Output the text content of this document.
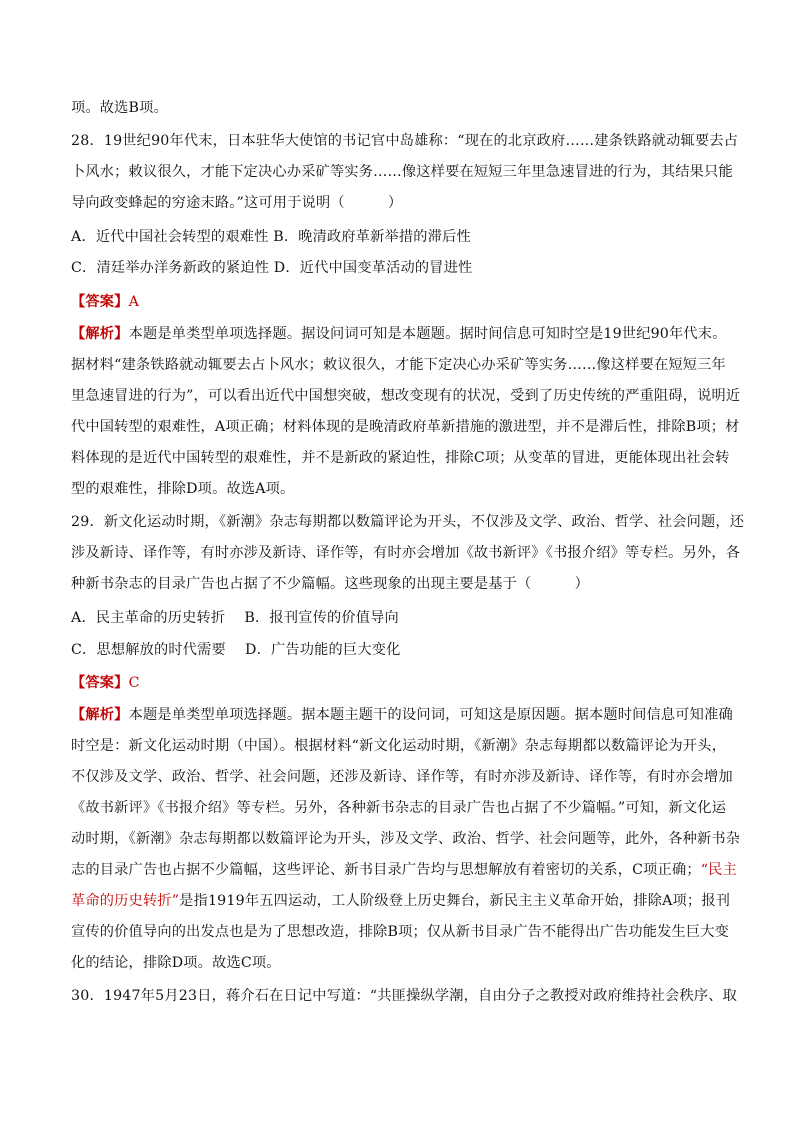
项。故选B项。
28．19世纪90年代末，日本驻华大使馆的书记官中岛雄称：“现在的北京政府……建条铁路就动辄要去占
卜风水；敕议很久，才能下定决心办采矿等实务……像这样要在短短三年里急速冒进的行为，其结果只能
导向政变蜂起的穷途末路。”这可用于说明（　　　）
A．近代中国社会转型的艰难性 B．晚清政府革新举措的滞后性
C．清廷举办洋务新政的紧迫性 D．近代中国变革活动的冒进性
【答案】A
【解析】本题是单类型单项选择题。据设问词可知是本题题。据时间信息可知时空是19世纪90年代末。
据材料“建条铁路就动辄要去占卜风水；敕议很久，才能下定决心办采矿等实务……像这样要在短短三年
里急速冒进的行为”，可以看出近代中国想突破，想改变现有的状况，受到了历史传统的严重阻碍，说明近
代中国转型的艰难性，A项正确；材料体现的是晚清政府革新措施的激进型，并不是滞后性，排除B项；材
料体现的是近代中国转型的艰难性，并不是新政的紧迫性，排除C项；从变革的冒进，更能体现出社会转
型的艰难性，排除D项。故选A项。
29．新文化运动时期，《新潮》杂志每期都以数篇评论为开头，不仅涉及文学、政治、哲学、社会问题，还
涉及新诗、译作等，有时亦涉及新诗、译作等，有时亦会增加《故书新评》《书报介绍》等专栏。另外，各
种新书杂志的目录广告也占据了不少篇幅。这些现象的出现主要是基于（　　　）
A．民主革命的历史转折　 B．报刊宣传的价值导向
C．思想解放的时代需要　 D．广告功能的巨大变化
【答案】C
【解析】本题是单类型单项选择题。据本题主题干的设问词，可知这是原因题。据本题时间信息可知准确
时空是：新文化运动时期（中国）。根据材料“新文化运动时期，《新潮》杂志每期都以数篇评论为开头，
不仅涉及文学、政治、哲学、社会问题，还涉及新诗、译作等，有时亦涉及新诗、译作等，有时亦会增加
《故书新评》《书报介绍》等专栏。另外，各种新书杂志的目录广告也占据了不少篇幅。”可知，新文化运
动时期，《新潮》杂志每期都以数篇评论为开头，涉及文学、政治、哲学、社会问题等，此外，各种新书杂
志的目录广告也占据不少篇幅，这些评论、新书目录广告均与思想解放有着密切的关系，C项正确；“民主
革命的历史转折”是指1919年五四运动，工人阶级登上历史舞台，新民主主义革命开始，排除A项；报刊
宣传的价值导向的出发点也是为了思想改造，排除B项；仅从新书目录广告不能得出广告功能发生巨大变
化的结论，排除D项。故选C项。
30．1947年5月23日，蒋介石在日记中写道：“共匪操纵学潮，自由分子之教授对政府维持社会秩序、取
